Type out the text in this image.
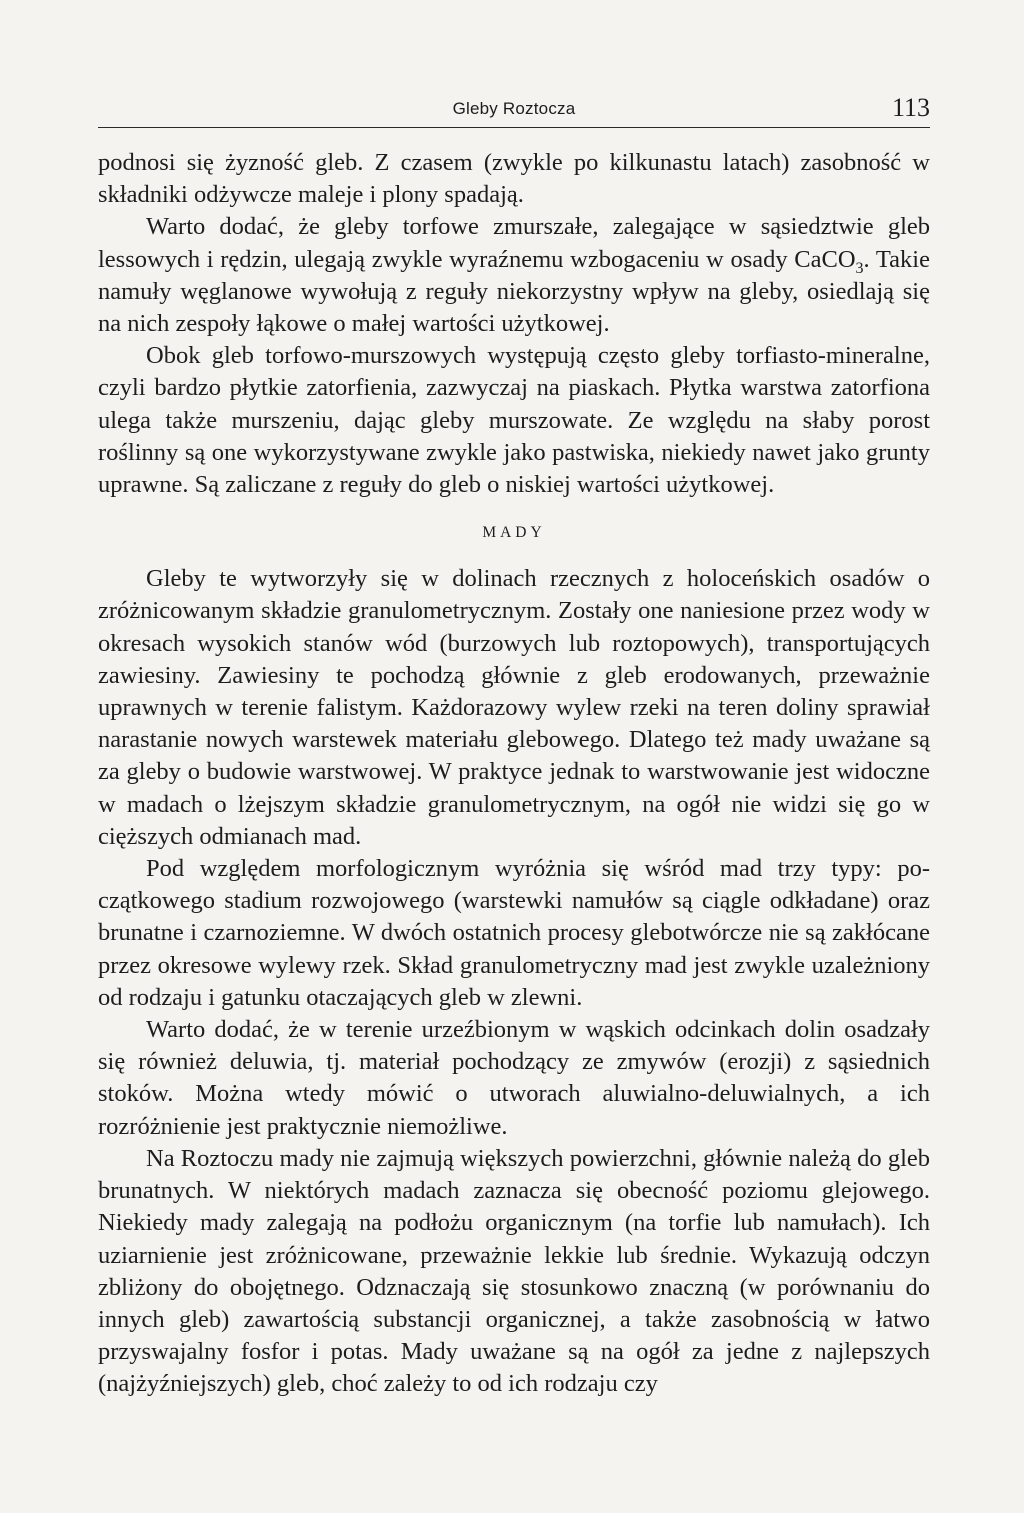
Gleby Roztocza	113

podnosi się żyzność gleb. Z czasem (zwykle po kilkunastu latach) zasobność w składniki odżywcze maleje i plony spadają.

Warto dodać, że gleby torfowe zmurszałe, zalegające w sąsiedztwie gleb lessowych i rędzin, ulegają zwykle wyraźnemu wzbogaceniu w osady CaCO$_3$. Takie namuły węglanowe wywołują z reguły niekorzystny wpływ na gleby, osiedlają się na nich zespoły łąkowe o małej wartości użytkowej.

Obok gleb torfowo-murszowych występują często gleby torfiasto-mineralne, czyli bardzo płytkie zatorfienia, zazwyczaj na piaskach. Płytka warstwa zatorfiona ulega także murszeniu, dając gleby murszowate. Ze względu na słaby porost roślinny są one wykorzystywane zwykle jako pastwiska, niekiedy nawet jako grunty uprawne. Są zaliczane z reguły do gleb o niskiej wartości użytkowej.

MADY

Gleby te wytworzyły się w dolinach rzecznych z holoceńskich osadów o zróżnicowanym składzie granulometrycznym. Zostały one naniesione przez wody w okresach wysokich stanów wód (burzowych lub roztopowych), transportujących zawiesiny. Zawiesiny te pochodzą głównie z gleb erodowanych, przeważnie uprawnych w terenie falistym. Każdorazowy wylew rzeki na teren doliny sprawiał narastanie nowych warstewek materiału glebowego. Dlatego też mady uważane są za gleby o budowie warstwowej. W praktyce jednak to warstwowanie jest widoczne w madach o lżejszym składzie granulometrycznym, na ogół nie widzi się go w cięższych odmianach mad.

Pod względem morfologicznym wyróżnia się wśród mad trzy typy: początkowego stadium rozwojowego (warstewki namułów są ciągle odkładane) oraz brunatne i czarnoziemne. W dwóch ostatnich procesy glebotwórcze nie są zakłócane przez okresowe wylewy rzek. Skład granulometryczny mad jest zwykle uzależniony od rodzaju i gatunku otaczających gleb w zlewni.

Warto dodać, że w terenie urzeźbionym w wąskich odcinkach dolin osadzały się również deluwia, tj. materiał pochodzący ze zmywów (erozji) z sąsiednich stoków. Można wtedy mówić o utworach aluwialno-deluwialnych, a ich rozróżnienie jest praktycznie niemożliwe.

Na Roztoczu mady nie zajmują większych powierzchni, głównie należą do gleb brunatnych. W niektórych madach zaznacza się obecność poziomu glejowego. Niekiedy mady zalegają na podłożu organicznym (na torfie lub namułach). Ich uziarnienie jest zróżnicowane, przeważnie lekkie lub średnie. Wykazują odczyn zbliżony do obojętnego. Odznaczają się stosunkowo znaczną (w porównaniu do innych gleb) zawartością substancji organicznej, a także zasobnością w łatwo przyswajalny fosfor i potas. Mady uważane są na ogół za jedne z najlepszych (najżyźniejszych) gleb, choć zależy to od ich rodzaju czy
